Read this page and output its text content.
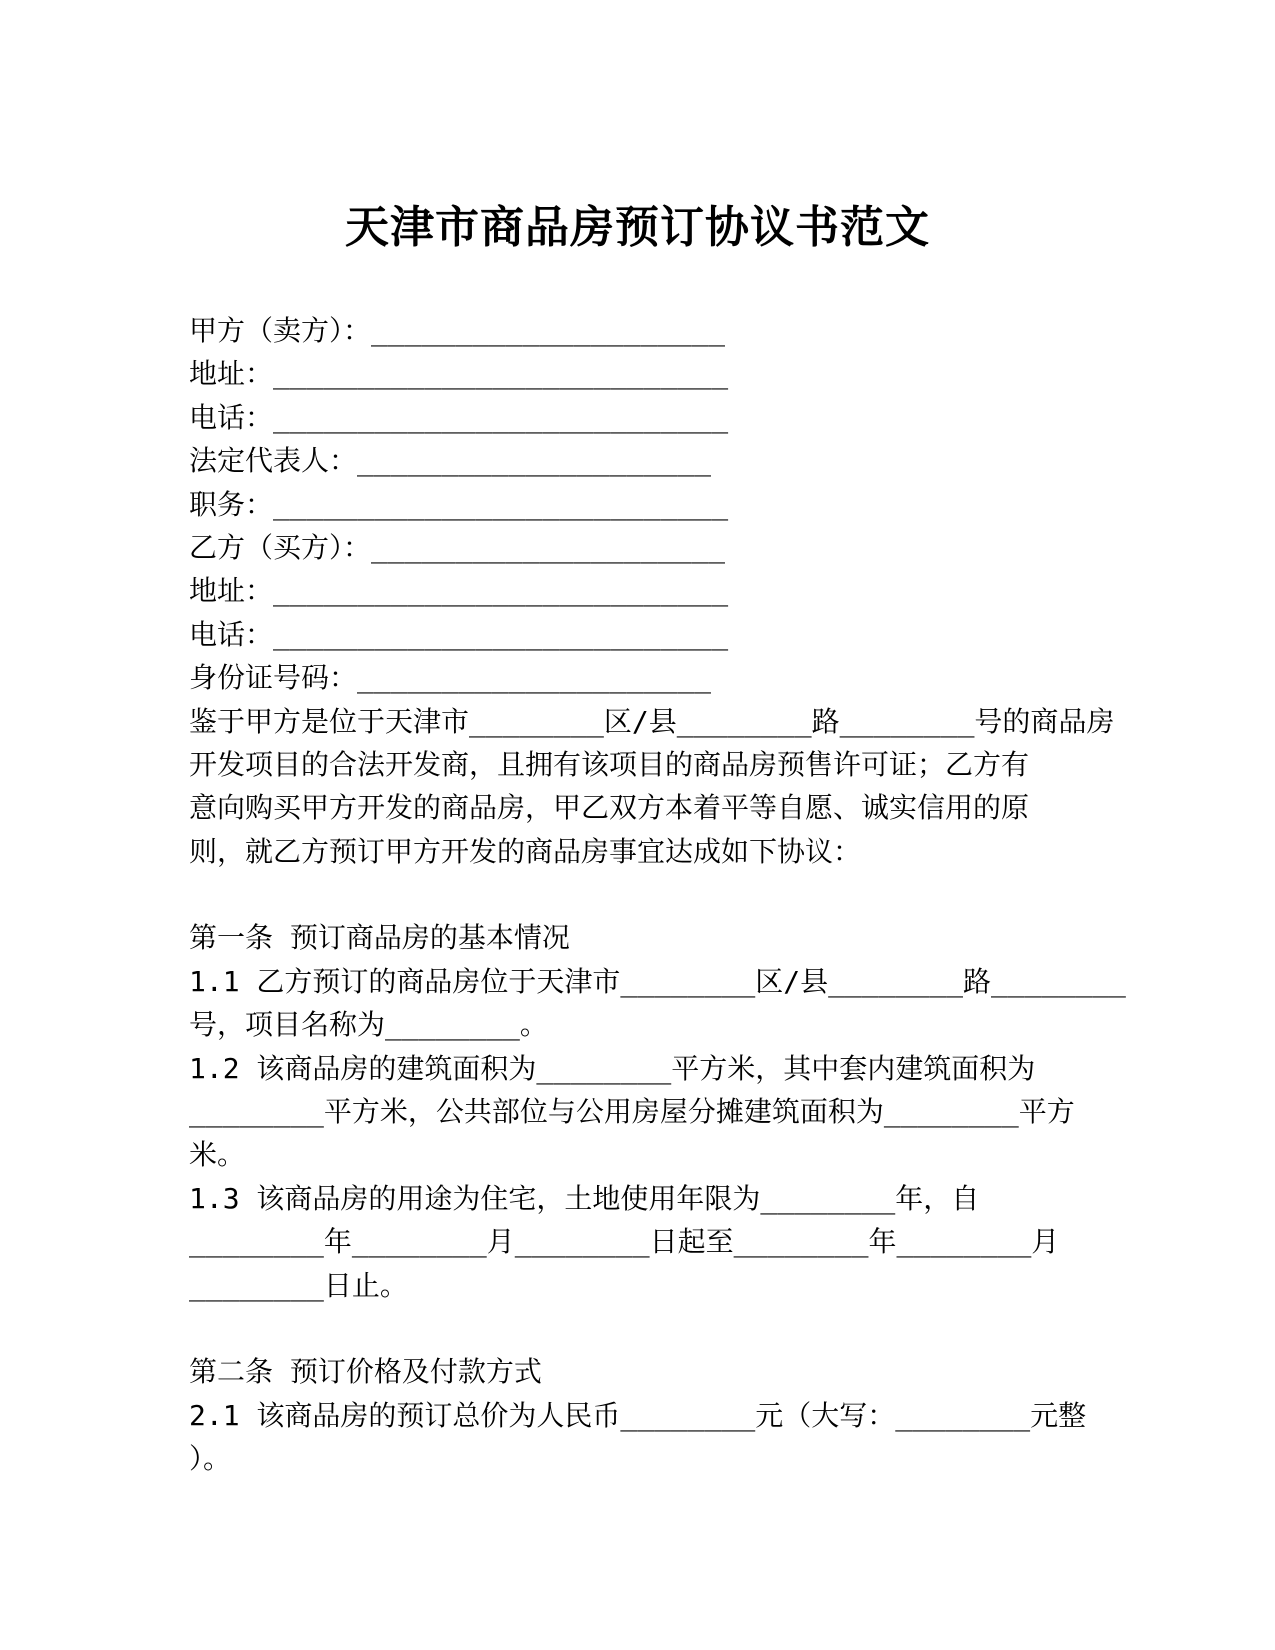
天津市商品房预订协议书范文
甲方（卖方）：_____________________
地址：___________________________
电话：___________________________
法定代表人：_____________________
职务：___________________________
乙方（买方）：_____________________
地址：___________________________
电话：___________________________
身份证号码：_____________________
鉴于甲方是位于天津市________区/县________路________号的商品房
开发项目的合法开发商，且拥有该项目的商品房预售许可证；乙方有
意向购买甲方开发的商品房，甲乙双方本着平等自愿、诚实信用的原
则，就乙方预订甲方开发的商品房事宜达成如下协议：
第一条 预订商品房的基本情况
1.1 乙方预订的商品房位于天津市________区/县________路________
号，项目名称为________。
1.2 该商品房的建筑面积为________平方米，其中套内建筑面积为
________平方米，公共部位与公用房屋分摊建筑面积为________平方
米。
1.3 该商品房的用途为住宅，土地使用年限为________年，自
________年________月________日起至________年________月
________日止。
第二条 预订价格及付款方式
2.1 该商品房的预订总价为人民币________元（大写：________元整
）。
